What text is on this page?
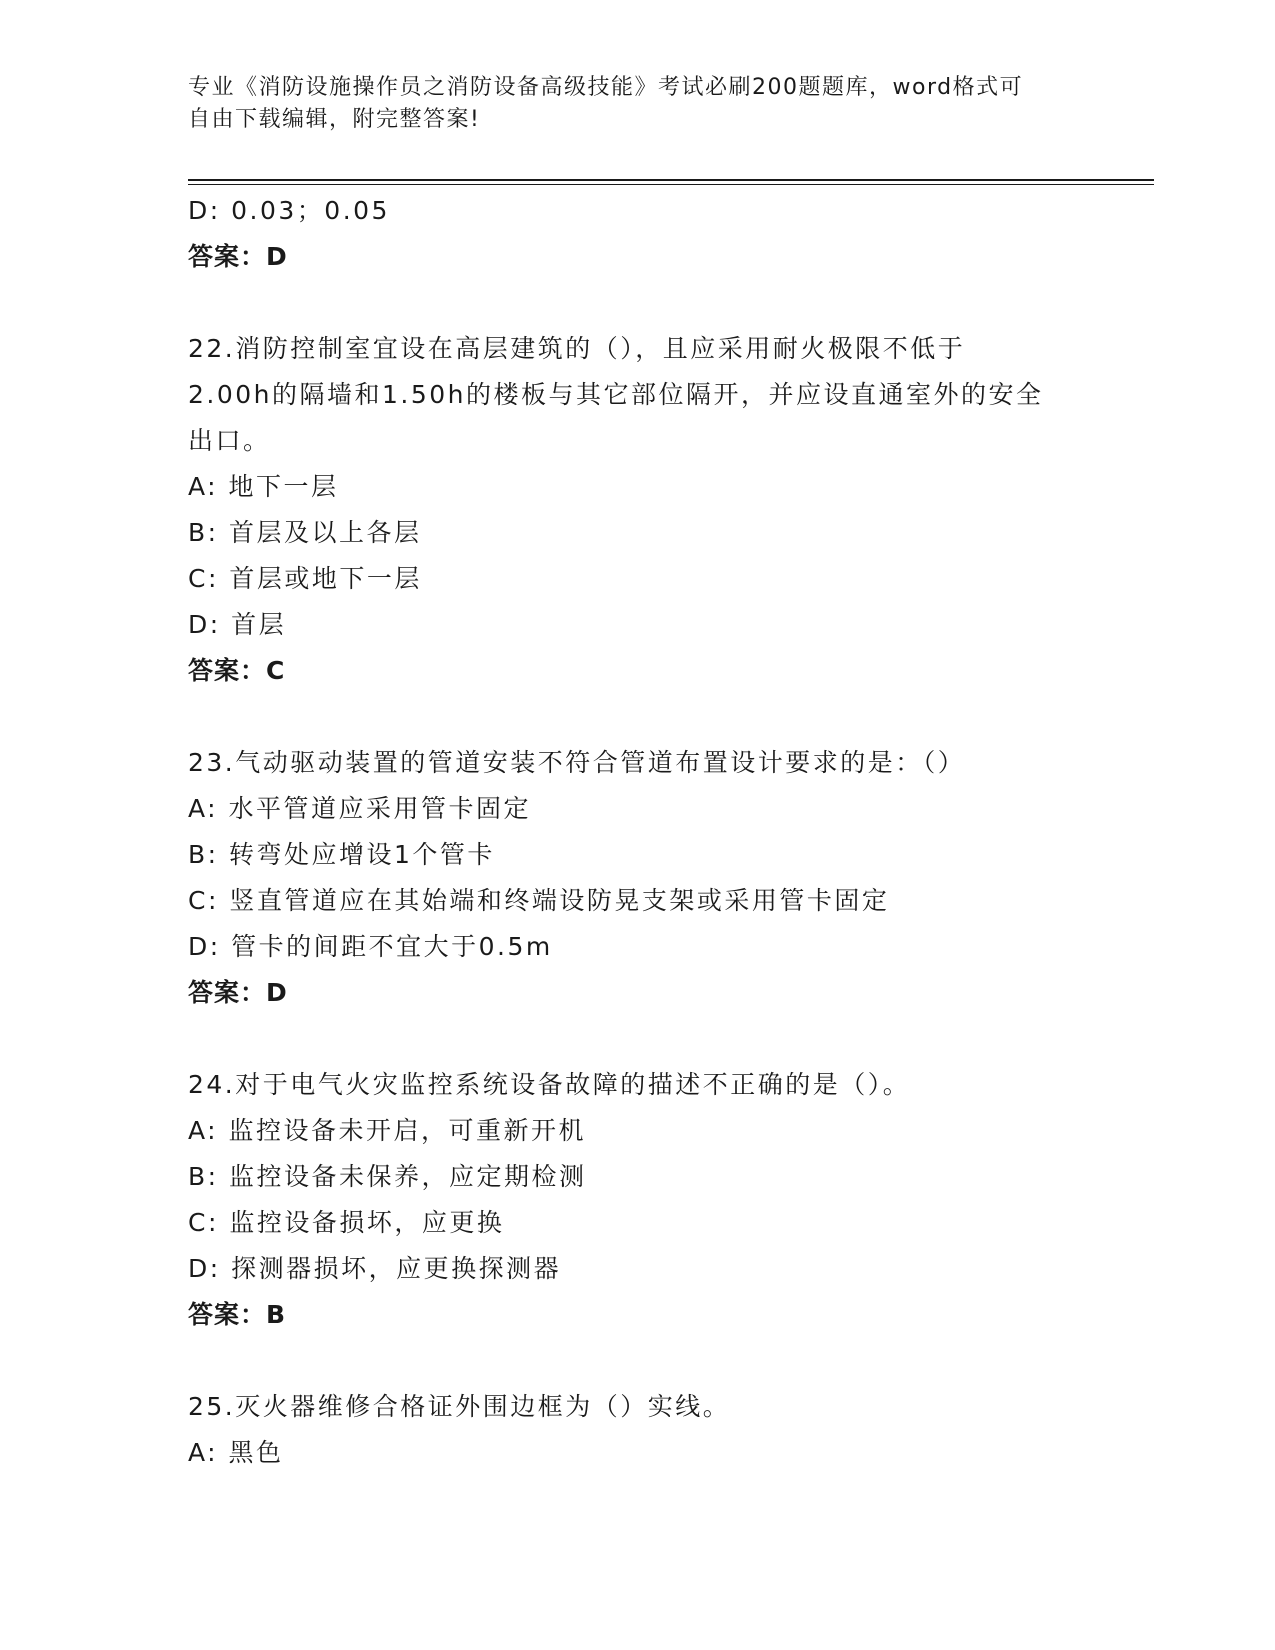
专业《消防设施操作员之消防设备高级技能》考试必刷200题题库，word格式可
自由下载编辑，附完整答案!
D: 0.03；0.05
答案：D
22.消防控制室宜设在高层建筑的（），且应采用耐火极限不低于
2.00h的隔墙和1.50h的楼板与其它部位隔开，并应设直通室外的安全
出口。
A: 地下一层
B: 首层及以上各层
C: 首层或地下一层
D: 首层
答案：C
23.气动驱动装置的管道安装不符合管道布置设计要求的是：（）
A: 水平管道应采用管卡固定
B: 转弯处应增设1个管卡
C: 竖直管道应在其始端和终端设防晃支架或采用管卡固定
D: 管卡的间距不宜大于0.5m
答案：D
24.对于电气火灾监控系统设备故障的描述不正确的是（）。
A: 监控设备未开启，可重新开机
B: 监控设备未保养，应定期检测
C: 监控设备损坏，应更换
D: 探测器损坏，应更换探测器
答案：B
25.灭火器维修合格证外围边框为（）实线。
A: 黑色
